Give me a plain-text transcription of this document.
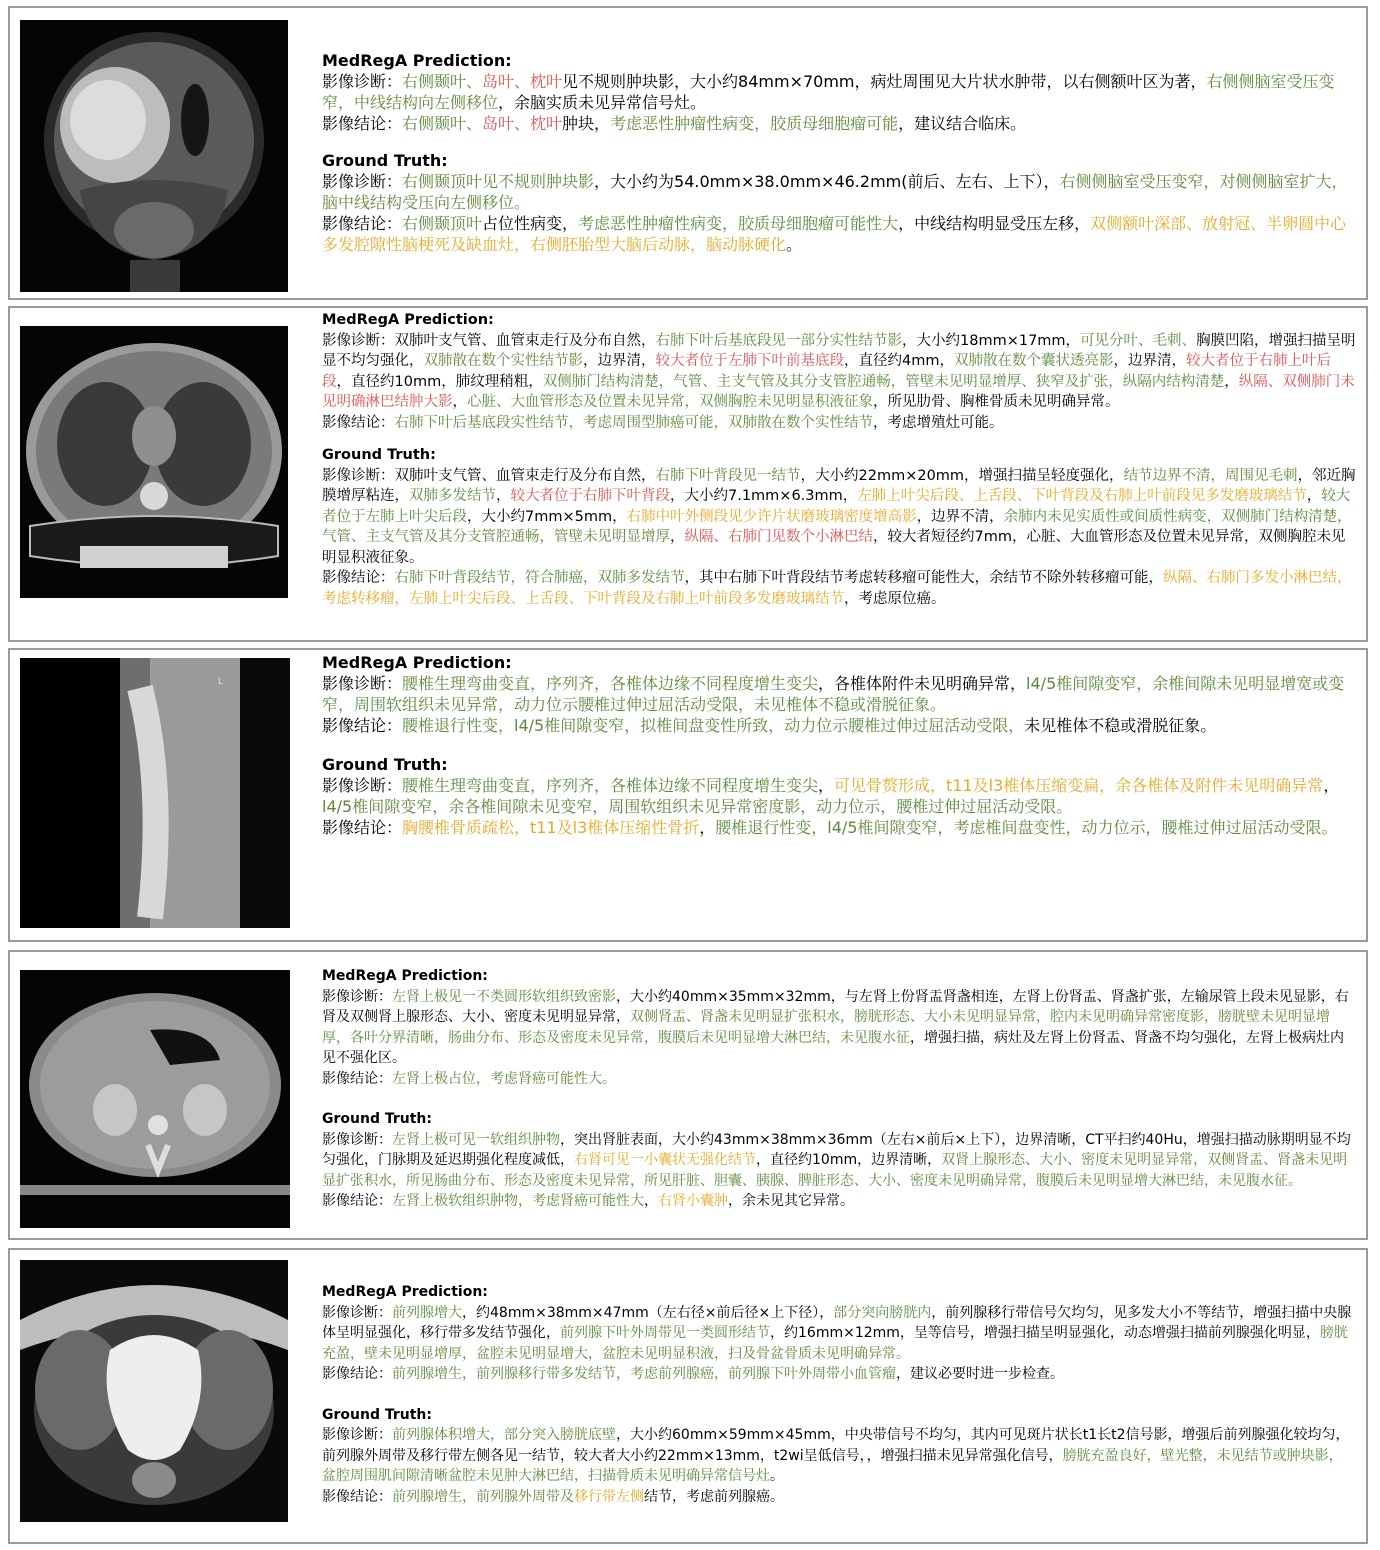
MedRegA Prediction:
影像诊断：右侧颞叶、岛叶、枕叶见不规则肿块影，大小约84mm×70mm，病灶周围见大片状水肿带，以右侧额叶区为著，右侧侧脑室受压变窄，中线结构向左侧移位，余脑实质未见异常信号灶。
影像结论：右侧颞叶、岛叶、枕叶肿块，考虑恶性肿瘤性病变，胶质母细胞瘤可能，建议结合临床。
Ground Truth:
影像诊断：右侧颞顶叶见不规则肿块影，大小约为54.0mm×38.0mm×46.2mm(前后、左右、上下），右侧侧脑室受压变窄，对侧侧脑室扩大，脑中线结构受压向左侧移位。
影像结论：右侧颞顶叶占位性病变，考虑恶性肿瘤性病变，胶质母细胞瘤可能性大，中线结构明显受压左移，双侧额叶深部、放射冠、半卵圆中心多发腔隙性脑梗死及缺血灶，右侧胚胎型大脑后动脉，脑动脉硬化。
MedRegA Prediction:
影像诊断：双肺叶支气管、血管束走行及分布自然，右肺下叶后基底段见一部分实性结节影，大小约18mm×17mm，可见分叶、毛刺、胸膜凹陷，增强扫描呈明显不均匀强化，双肺散在数个实性结节影，边界清，较大者位于左肺下叶前基底段，直径约4mm，双肺散在数个囊状透亮影，边界清，较大者位于右肺上叶后段，直径约10mm，肺纹理稍粗，双侧肺门结构清楚，气管、主支气管及其分支管腔通畅，管壁未见明显增厚、狭窄及扩张，纵隔内结构清楚，纵隔、双侧肺门未见明确淋巴结肿大影，心脏、大血管形态及位置未见异常，双侧胸腔未见明显积液征象，所见肋骨、胸椎骨质未见明确异常。
影像结论：右肺下叶后基底段实性结节，考虑周围型肺癌可能，双肺散在数个实性结节，考虑增殖灶可能。
Ground Truth:
影像诊断：双肺叶支气管、血管束走行及分布自然，右肺下叶背段见一结节，大小约22mm×20mm，增强扫描呈轻度强化，结节边界不清，周围见毛刺，邻近胸膜增厚粘连，双肺多发结节，较大者位于右肺下叶背段，大小约7.1mm×6.3mm，左肺上叶尖后段、上舌段、下叶背段及右肺上叶前段见多发磨玻璃结节，较大者位于左肺上叶尖后段，大小约7mm×5mm，右肺中叶外侧段见少许片状磨玻璃密度增高影，边界不清，余肺内未见实质性或间质性病变，双侧肺门结构清楚，气管、主支气管及其分支管腔通畅，管壁未见明显增厚，纵隔、右肺门见数个小淋巴结，较大者短径约7mm，心脏、大血管形态及位置未见异常，双侧胸腔未见明显积液征象。
影像结论：右肺下叶背段结节，符合肺癌，双肺多发结节，其中右肺下叶背段结节考虑转移瘤可能性大，余结节不除外转移瘤可能，纵隔、右肺门多发小淋巴结，考虑转移瘤，左肺上叶尖后段、上舌段、下叶背段及右肺上叶前段多发磨玻璃结节，考虑原位癌。
L
MedRegA Prediction:
影像诊断：腰椎生理弯曲变直，序列齐，各椎体边缘不同程度增生变尖，各椎体附件未见明确异常，l4/5椎间隙变窄，余椎间隙未见明显增宽或变窄，周围软组织未见异常，动力位示腰椎过伸过屈活动受限，未见椎体不稳或滑脱征象。
影像结论：腰椎退行性变，l4/5椎间隙变窄，拟椎间盘变性所致，动力位示腰椎过伸过屈活动受限，未见椎体不稳或滑脱征象。
Ground Truth:
影像诊断：腰椎生理弯曲变直，序列齐，各椎体边缘不同程度增生变尖，可见骨赘形成，t11及l3椎体压缩变扁，余各椎体及附件未见明确异常，l4/5椎间隙变窄，余各椎间隙未见变窄，周围软组织未见异常密度影，动力位示，腰椎过伸过屈活动受限。
影像结论：胸腰椎骨质疏松，t11及l3椎体压缩性骨折，腰椎退行性变，l4/5椎间隙变窄，考虑椎间盘变性，动力位示，腰椎过伸过屈活动受限。
MedRegA Prediction:
影像诊断：左肾上极见一不类圆形软组织致密影，大小约40mm×35mm×32mm，与左肾上份肾盂肾盏相连，左肾上份肾盂、肾盏扩张，左输尿管上段未见显影，右肾及双侧肾上腺形态、大小、密度未见明显异常，双侧肾盂、肾盏未见明显扩张积水，膀胱形态、大小未见明显异常，腔内未见明确异常密度影，膀胱壁未见明显增厚，各叶分界清晰，肠曲分布、形态及密度未见异常，腹膜后未见明显增大淋巴结，未见腹水征，增强扫描，病灶及左肾上份肾盂、肾盏不均匀强化，左肾上极病灶内见不强化区。
影像结论：左肾上极占位，考虑肾癌可能性大。
Ground Truth:
影像诊断：左肾上极可见一软组织肿物，突出肾脏表面，大小约43mm×38mm×36mm（左右×前后×上下），边界清晰，CT平扫约40Hu，增强扫描动脉期明显不均匀强化，门脉期及延迟期强化程度减低，右肾可见一小囊状无强化结节，直径约10mm，边界清晰，双肾上腺形态、大小、密度未见明显异常，双侧肾盂、肾盏未见明显扩张积水，所见肠曲分布、形态及密度未见异常，所见肝脏、胆囊、胰腺、脾脏形态、大小、密度未见明确异常，腹膜后未见明显增大淋巴结，未见腹水征。
影像结论：左肾上极软组织肿物，考虑肾癌可能性大，右肾小囊肿，余未见其它异常。
MedRegA Prediction:
影像诊断：前列腺增大，约48mm×38mm×47mm（左右径×前后径×上下径），部分突向膀胱内，前列腺移行带信号欠均匀，见多发大小不等结节，增强扫描中央腺体呈明显强化，移行带多发结节强化，前列腺下叶外周带见一类圆形结节，约16mm×12mm，呈等信号，增强扫描呈明显强化，动态增强扫描前列腺强化明显，膀胱充盈，壁未见明显增厚，盆腔未见明显增大，盆腔未见明显积液，扫及骨盆骨质未见明确异常。
影像结论：前列腺增生，前列腺移行带多发结节，考虑前列腺癌，前列腺下叶外周带小血管瘤，建议必要时进一步检查。
Ground Truth:
影像诊断：前列腺体积增大，部分突入膀胱底壁，大小约60mm×59mm×45mm，中央带信号不均匀，其内可见斑片状长t1长t2信号影，增强后前列腺强化较均匀，前列腺外周带及移行带左侧各见一结节，较大者大小约22mm×13mm，t2wi呈低信号，，增强扫描未见异常强化信号，膀胱充盈良好，壁光整，未见结节或肿块影，盆腔周围肌间隙清晰盆腔未见肿大淋巴结，扫描骨质未见明确异常信号灶。
影像结论：前列腺增生，前列腺外周带及移行带左侧结节，考虑前列腺癌。
